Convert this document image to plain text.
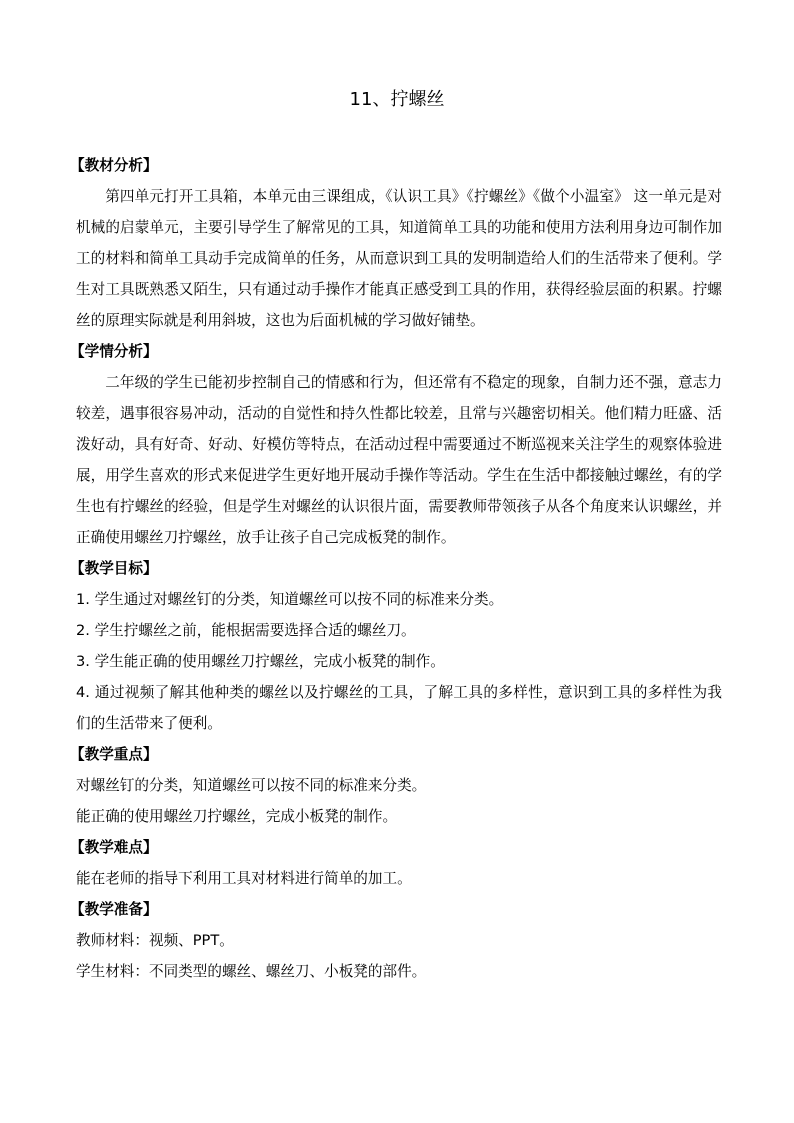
11、拧螺丝
【教材分析】
第四单元打开工具箱，本单元由三课组成，《认识工具》《拧螺丝》《做个小温室》 这一单元是对机械的启蒙单元，主要引导学生了解常见的工具，知道简单工具的功能和使用方法利用身边可制作加工的材料和简单工具动手完成简单的任务，从而意识到工具的发明制造给人们的生活带来了便利。学生对工具既熟悉又陌生，只有通过动手操作才能真正感受到工具的作用，获得经验层面的积累。拧螺丝的原理实际就是利用斜坡，这也为后面机械的学习做好铺垫。
【学情分析】
二年级的学生已能初步控制自己的情感和行为，但还常有不稳定的现象，自制力还不强，意志力较差，遇事很容易冲动，活动的自觉性和持久性都比较差，且常与兴趣密切相关。他们精力旺盛、活泼好动，具有好奇、好动、好模仿等特点，在活动过程中需要通过不断巡视来关注学生的观察体验进展，用学生喜欢的形式来促进学生更好地开展动手操作等活动。学生在生活中都接触过螺丝，有的学生也有拧螺丝的经验，但是学生对螺丝的认识很片面，需要教师带领孩子从各个角度来认识螺丝，并正确使用螺丝刀拧螺丝，放手让孩子自己完成板凳的制作。
【教学目标】
1. 学生通过对螺丝钉的分类，知道螺丝可以按不同的标准来分类。
2. 学生拧螺丝之前，能根据需要选择合适的螺丝刀。
3. 学生能正确的使用螺丝刀拧螺丝，完成小板凳的制作。
4. 通过视频了解其他种类的螺丝以及拧螺丝的工具，了解工具的多样性，意识到工具的多样性为我们的生活带来了便利。
【教学重点】
对螺丝钉的分类，知道螺丝可以按不同的标准来分类。
能正确的使用螺丝刀拧螺丝，完成小板凳的制作。
【教学难点】
能在老师的指导下利用工具对材料进行简单的加工。
【教学准备】
教师材料：视频、PPT。
学生材料：不同类型的螺丝、螺丝刀、小板凳的部件。
